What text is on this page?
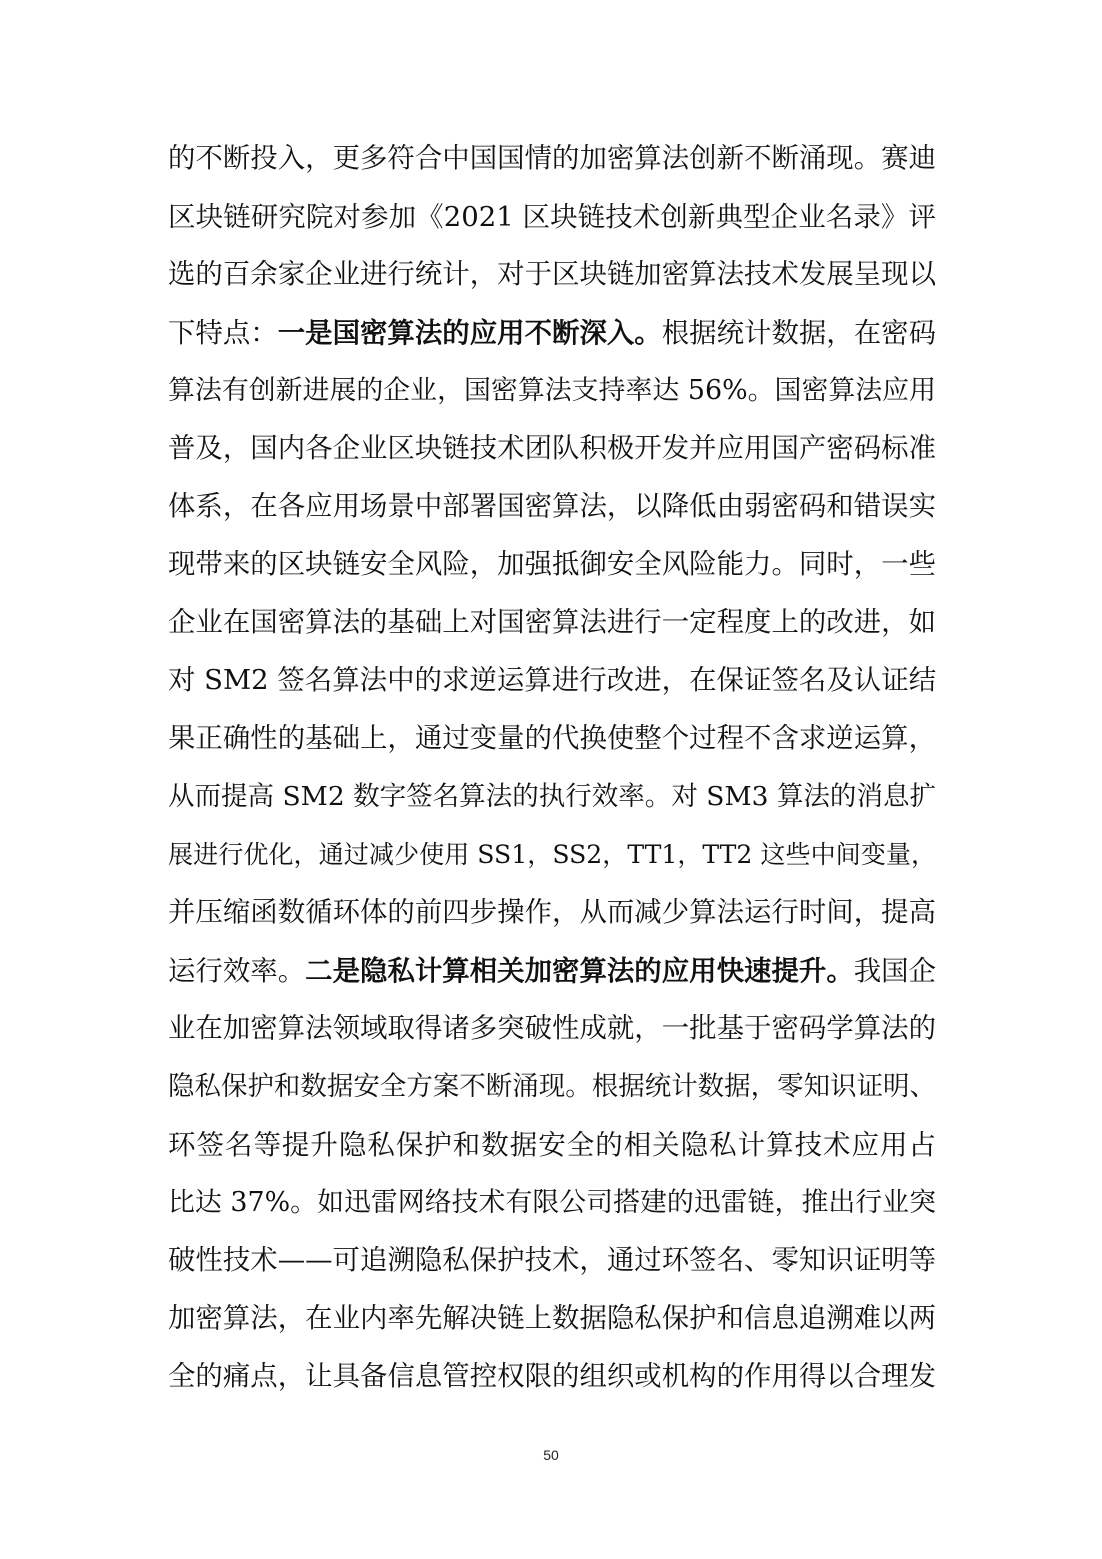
的不断投入，更多符合中国国情的加密算法创新不断涌现。赛迪
区块链研究院对参加《2021 区块链技术创新典型企业名录》评
选的百余家企业进行统计，对于区块链加密算法技术发展呈现以
下特点：一是国密算法的应用不断深入。根据统计数据，在密码
算法有创新进展的企业，国密算法支持率达 56%。国密算法应用
普及，国内各企业区块链技术团队积极开发并应用国产密码标准
体系，在各应用场景中部署国密算法，以降低由弱密码和错误实
现带来的区块链安全风险，加强抵御安全风险能力。同时，一些
企业在国密算法的基础上对国密算法进行一定程度上的改进，如
对 SM2 签名算法中的求逆运算进行改进，在保证签名及认证结
果正确性的基础上，通过变量的代换使整个过程不含求逆运算，
从而提高 SM2 数字签名算法的执行效率。对 SM3 算法的消息扩
展进行优化，通过减少使用 SS1，SS2，TT1，TT2 这些中间变量，
并压缩函数循环体的前四步操作，从而减少算法运行时间，提高
运行效率。二是隐私计算相关加密算法的应用快速提升。我国企
业在加密算法领域取得诸多突破性成就，一批基于密码学算法的
隐私保护和数据安全方案不断涌现。根据统计数据，零知识证明、
环签名等提升隐私保护和数据安全的相关隐私计算技术应用占
比达 37%。如迅雷网络技术有限公司搭建的迅雷链，推出行业突
破性技术——可追溯隐私保护技术，通过环签名、零知识证明等
加密算法，在业内率先解决链上数据隐私保护和信息追溯难以两
全的痛点，让具备信息管控权限的组织或机构的作用得以合理发
50
